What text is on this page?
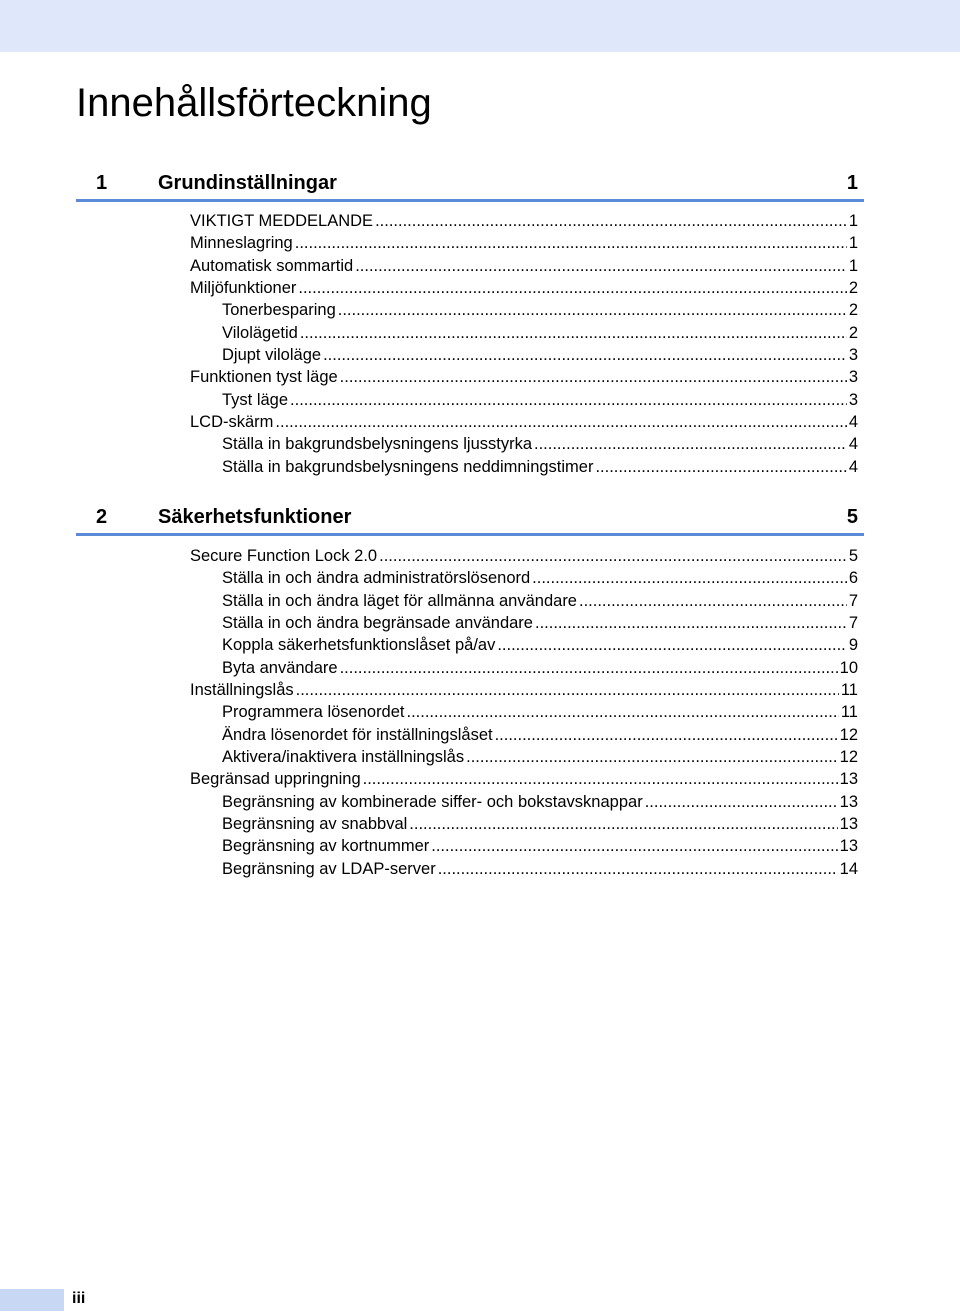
Innehållsförteckning
1	Grundinställningar	1
VIKTIGT MEDDELANDE .....	1
Minneslagring .....	1
Automatisk sommartid .....	1
Miljöfunktioner .....	2
Tonerbesparing .....	2
Vilolägetid .....	2
Djupt viloläge .....	3
Funktionen tyst läge .....	3
Tyst läge .....	3
LCD-skärm .....	4
Ställa in bakgrundsbelysningens ljusstyrka .....	4
Ställa in bakgrundsbelysningens neddimningstimer .....	4
2	Säkerhetsfunktioner	5
Secure Function Lock 2.0 .....	5
Ställa in och ändra administratörslösenord .....	6
Ställa in och ändra läget för allmänna användare .....	7
Ställa in och ändra begränsade användare .....	7
Koppla säkerhetsfunktionslåset på/av .....	9
Byta användare .....	10
Inställningslås .....	11
Programmera lösenordet .....	11
Ändra lösenordet för inställningslåset .....	12
Aktivera/inaktivera inställningslås .....	12
Begränsad uppringning .....	13
Begränsning av kombinerade siffer- och bokstavsknappar .....	13
Begränsning av snabbval .....	13
Begränsning av kortnummer .....	13
Begränsning av LDAP-server .....	14
iii
